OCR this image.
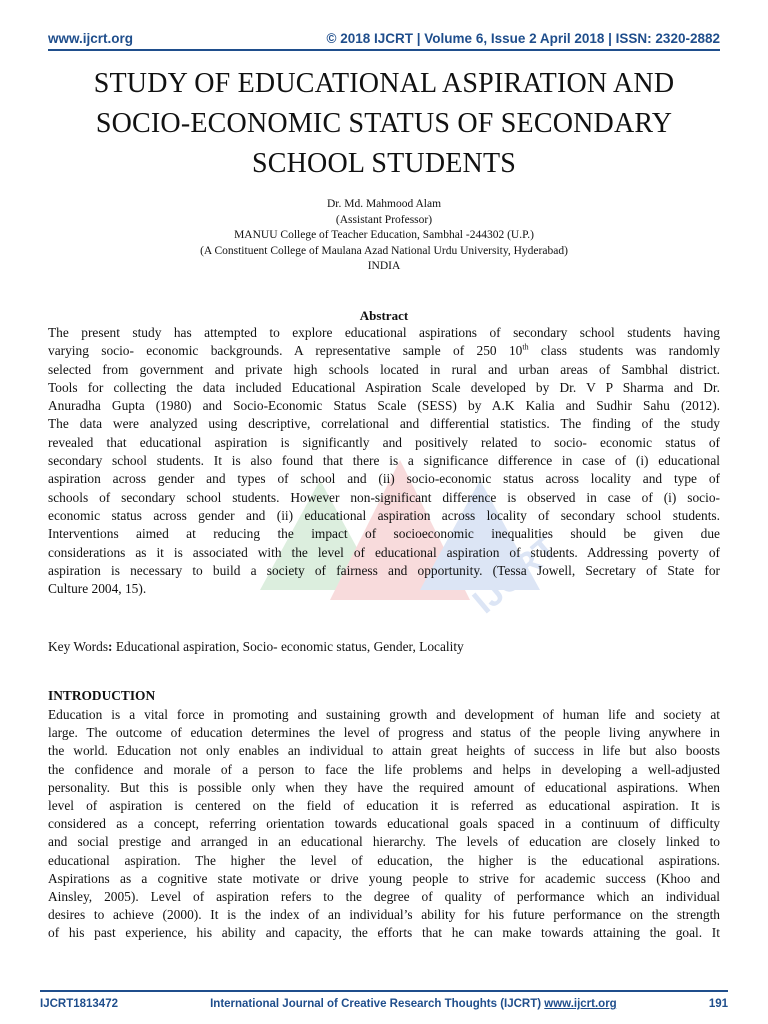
www.ijcrt.org	© 2018 IJCRT | Volume 6, Issue 2 April 2018 | ISSN: 2320-2882
IJCRT
STUDY OF EDUCATIONAL ASPIRATION AND
SOCIO-ECONOMIC STATUS OF SECONDARY
SCHOOL STUDENTS
Dr. Md. Mahmood Alam
(Assistant Professor)
MANUU College of Teacher Education, Sambhal -244302 (U.P.)
(A Constituent College of Maulana Azad National Urdu University, Hyderabad)
INDIA
Abstract
The present study has attempted to explore educational aspirations of secondary school students having
varying socio- economic backgrounds. A representative sample of 250 10th class students was randomly
selected from government and private high schools located in rural and urban areas of Sambhal district.
Tools for collecting the data included Educational Aspiration Scale developed by Dr. V P Sharma and Dr.
Anuradha Gupta (1980) and Socio-Economic Status Scale (SESS) by A.K Kalia and Sudhir Sahu (2012).
The data were analyzed using descriptive, correlational and differential statistics. The finding of the study
revealed that educational aspiration is significantly and positively related to socio- economic status of
secondary school students. It is also found that there is a significance difference in case of (i) educational
aspiration across gender and types of school and (ii) socio-economic status across locality and type of
schools of secondary school students. However non-significant difference is observed in case of (i) socio-
economic status across gender and (ii) educational aspiration across locality of secondary school students.
Interventions aimed at reducing the impact of socioeconomic inequalities should be given due
considerations as it is associated with the level of educational aspiration of students. Addressing poverty of
aspiration is necessary to build a society of fairness and opportunity. (Tessa Jowell, Secretary of State for
Culture 2004, 15).
Key Words: Educational aspiration, Socio- economic status, Gender, Locality
INTRODUCTION
Education is a vital force in promoting and sustaining growth and development of human life and society at
large. The outcome of education determines the level of progress and status of the people living anywhere in
the world. Education not only enables an individual to attain great heights of success in life but also boosts
the confidence and morale of a person to face the life problems and helps in developing a well-adjusted
personality. But this is possible only when they have the required amount of educational aspirations. When
level of aspiration is centered on the field of education it is referred as educational aspiration. It is
considered as a concept, referring orientation towards educational goals spaced in a continuum of difficulty
and social prestige and arranged in an educational hierarchy. The levels of education are closely linked to
educational aspiration. The higher the level of education, the higher is the educational aspirations.
Aspirations as a cognitive state motivate or drive young people to strive for academic success (Khoo and
Ainsley, 2005). Level of aspiration refers to the degree of quality of performance which an individual
desires to achieve (2000). It is the index of an individual’s ability for his future performance on the strength
of his past experience, his ability and capacity, the efforts that he can make towards attaining the goal. It
IJCRT1813472	International Journal of Creative Research Thoughts (IJCRT) www.ijcrt.org	191
